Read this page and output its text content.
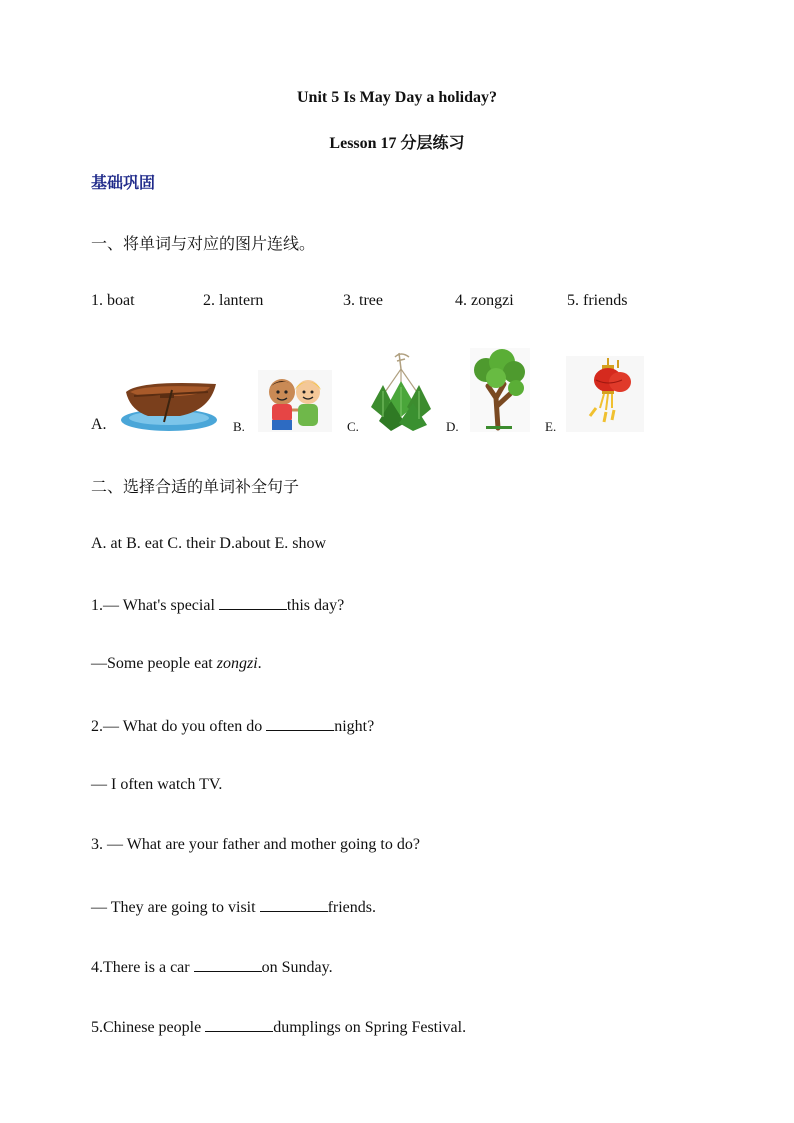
Unit 5 Is May Day a holiday?
Lesson 17 分层练习
基础巩固
一、将单词与对应的图片连线。
1. boat	2. lantern	3. tree	4. zongzi	5. friends
A.	B.	C.	D.	E.
二、选择合适的单词补全句子
A. at B. eat C. their D.about E. show
1.— What's special	this day?
—Some people eat zongzi.
2.— What do you often do	night?
— I often watch TV.
3. — What are your father and mother going to do?
— They are going to visit	friends.
4.There is a car	on Sunday.
5.Chinese people	dumplings on Spring Festival.
